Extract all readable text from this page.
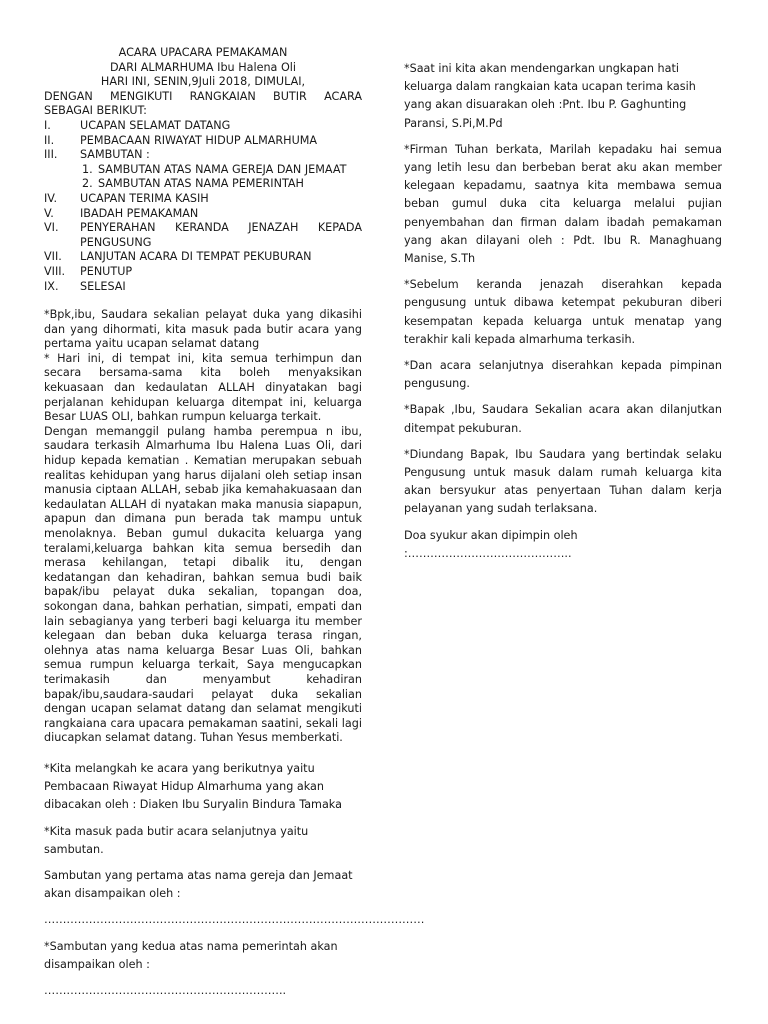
ACARA UPACARA PEMAKAMAN

DARI ALMARHUMA Ibu Halena Oli

HARI INI, SENIN,9Juli 2018, DIMULAI,

DENGAN MENGIKUTI RANGKAIAN BUTIR ACARA

SEBAGAI BERIKUT:

I.	UCAPAN SELAMAT DATANG
II.	PEMBACAAN RIWAYAT HIDUP ALMARHUMA
III.	SAMBUTAN :
1. SAMBUTAN ATAS NAMA GEREJA DAN JEMAAT
2. SAMBUTAN ATAS NAMA PEMERINTAH
IV.	UCAPAN TERIMA KASIH
V.	IBADAH PEMAKAMAN
VI.	PENYERAHAN KERANDA JENAZAH KEPADA
PENGUSUNG
VII.	LANJUTAN ACARA DI TEMPAT PEKUBURAN
VIII.	PENUTUP
IX.	SELESAI

*Bpk,ibu, Saudara sekalian pelayat duka yang dikasihi dan yang dihormati, kita masuk pada butir acara yang pertama yaitu ucapan selamat datang

* Hari ini, di tempat ini, kita semua terhimpun dan secara bersama-sama kita boleh menyaksikan kekuasaan dan kedaulatan ALLAH dinyatakan bagi perjalanan kehidupan keluarga ditempat ini, keluarga Besar LUAS OLI, bahkan rumpun keluarga terkait.

Dengan memanggil pulang hamba perempua n ibu, saudara terkasih Almarhuma Ibu Halena Luas Oli, dari hidup kepada kematian . Kematian merupakan sebuah realitas kehidupan yang harus dijalani oleh setiap insan manusia ciptaan ALLAH, sebab jika kemahakuasaan dan kedaulatan ALLAH di nyatakan maka manusia siapapun, apapun dan dimana pun berada tak mampu untuk menolaknya. Beban gumul dukacita keluarga yang teralami,keluarga bahkan kita semua bersedih dan merasa kehilangan, tetapi dibalik itu, dengan kedatangan dan kehadiran, bahkan semua budi baik bapak/ibu pelayat duka sekalian, topangan doa, sokongan dana, bahkan perhatian, simpati, empati dan lain sebagianya yang terberi bagi keluarga itu member kelegaan dan beban duka keluarga terasa ringan, olehnya atas nama keluarga Besar Luas Oli, bahkan semua rumpun keluarga terkait, Saya mengucapkan terimakasih dan menyambut kehadiran bapak/ibu,saudara-saudari pelayat duka sekalian dengan ucapan selamat datang dan selamat mengikuti rangkaiana cara upacara pemakaman saatini, sekali lagi diucapkan selamat datang. Tuhan Yesus memberkati.

*Kita melangkah ke acara yang berikutnya yaitu

Pembacaan Riwayat Hidup Almarhuma yang akan

dibacakan oleh : Diaken Ibu Suryalin Bindura Tamaka

*Kita masuk pada butir acara selanjutnya yaitu

sambutan.

Sambutan yang pertama atas nama gereja dan Jemaat

akan disampaikan oleh :

…………………………………………………………………………………………

*Sambutan yang kedua atas nama pemerintah akan

disampaikan oleh :

………………………………………………………..

*Saat ini kita akan mendengarkan ungkapan hati

keluarga dalam rangkaian kata ucapan terima kasih

yang akan disuarakan oleh :Pnt. Ibu P. Gaghunting

Paransi, S.Pi,M.Pd

*Firman Tuhan berkata, Marilah kepadaku hai semua yang letih lesu dan berbeban berat aku akan member kelegaan kepadamu, saatnya kita membawa semua beban gumul duka cita keluarga melalui pujian penyembahan dan firman dalam ibadah pemakaman yang akan dilayani oleh : Pdt. Ibu R. Managhuang Manise, S.Th

*Sebelum keranda jenazah diserahkan kepada pengusung untuk dibawa ketempat pekuburan diberi kesempatan kepada keluarga untuk menatap yang terakhir kali kepada almarhuma terkasih.

*Dan acara selanjutnya diserahkan kepada pimpinan pengusung.

*Bapak ,Ibu, Saudara Sekalian acara akan dilanjutkan ditempat pekuburan.

*Diundang Bapak, Ibu Saudara yang bertindak selaku Pengusung untuk masuk dalam rumah keluarga kita akan bersyukur atas penyertaan Tuhan dalam kerja pelayanan yang sudah terlaksana.

Doa syukur akan dipimpin oleh :……………………………………..
